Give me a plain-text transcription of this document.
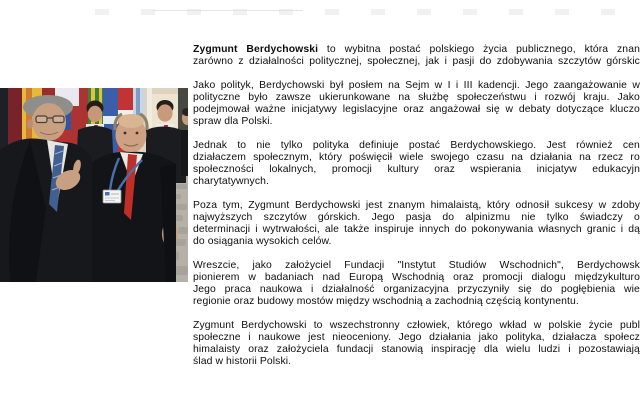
Zygmunt Berdychowski to wybitna postać polskiego życia publicznego, która znan
zarówno z działalności politycznej, społecznej, jak i pasji do zdobywania szczytów górskic

Jako polityk, Berdychowski był posłem na Sejm w I i III kadencji. Jego zaangażowanie w
polityczne było zawsze ukierunkowane na służbę społeczeństwu i rozwój kraju. Jako
podejmował ważne inicjatywy legislacyjne oraz angażował się w debaty dotyczące kluczo
spraw dla Polski.

Jednak to nie tylko polityka definiuje postać Berdychowskiego. Jest również cen
działaczem społecznym, który poświęcił wiele swojego czasu na działania na rzecz ro
społeczności lokalnych, promocji kultury oraz wspierania inicjatyw edukacyjn
charytatywnych.

Poza tym, Zygmunt Berdychowski jest znanym himalaistą, który odnosił sukcesy w zdoby
najwyższych szczytów górskich. Jego pasja do alpinizmu nie tylko świadczy o
determinacji i wytrwałości, ale także inspiruje innych do pokonywania własnych granic i dą
do osiągania wysokich celów.

Wreszcie, jako założyciel Fundacji "Instytut Studiów Wschodnich", Berdychowsk
pionierem w badaniach nad Europą Wschodnią oraz promocji dialogu międzykulturo
Jego praca naukowa i działalność organizacyjna przyczyniły się do pogłębienia wie
regionie oraz budowy mostów między wschodnią a zachodnią częścią kontynentu.

Zygmunt Berdychowski to wszechstronny człowiek, którego wkład w polskie życie publ
społeczne i naukowe jest nieoceniony. Jego działania jako polityka, działacza społecz
himalaisty oraz założyciela fundacji stanowią inspirację dla wielu ludzi i pozostawiają
ślad w historii Polski.
